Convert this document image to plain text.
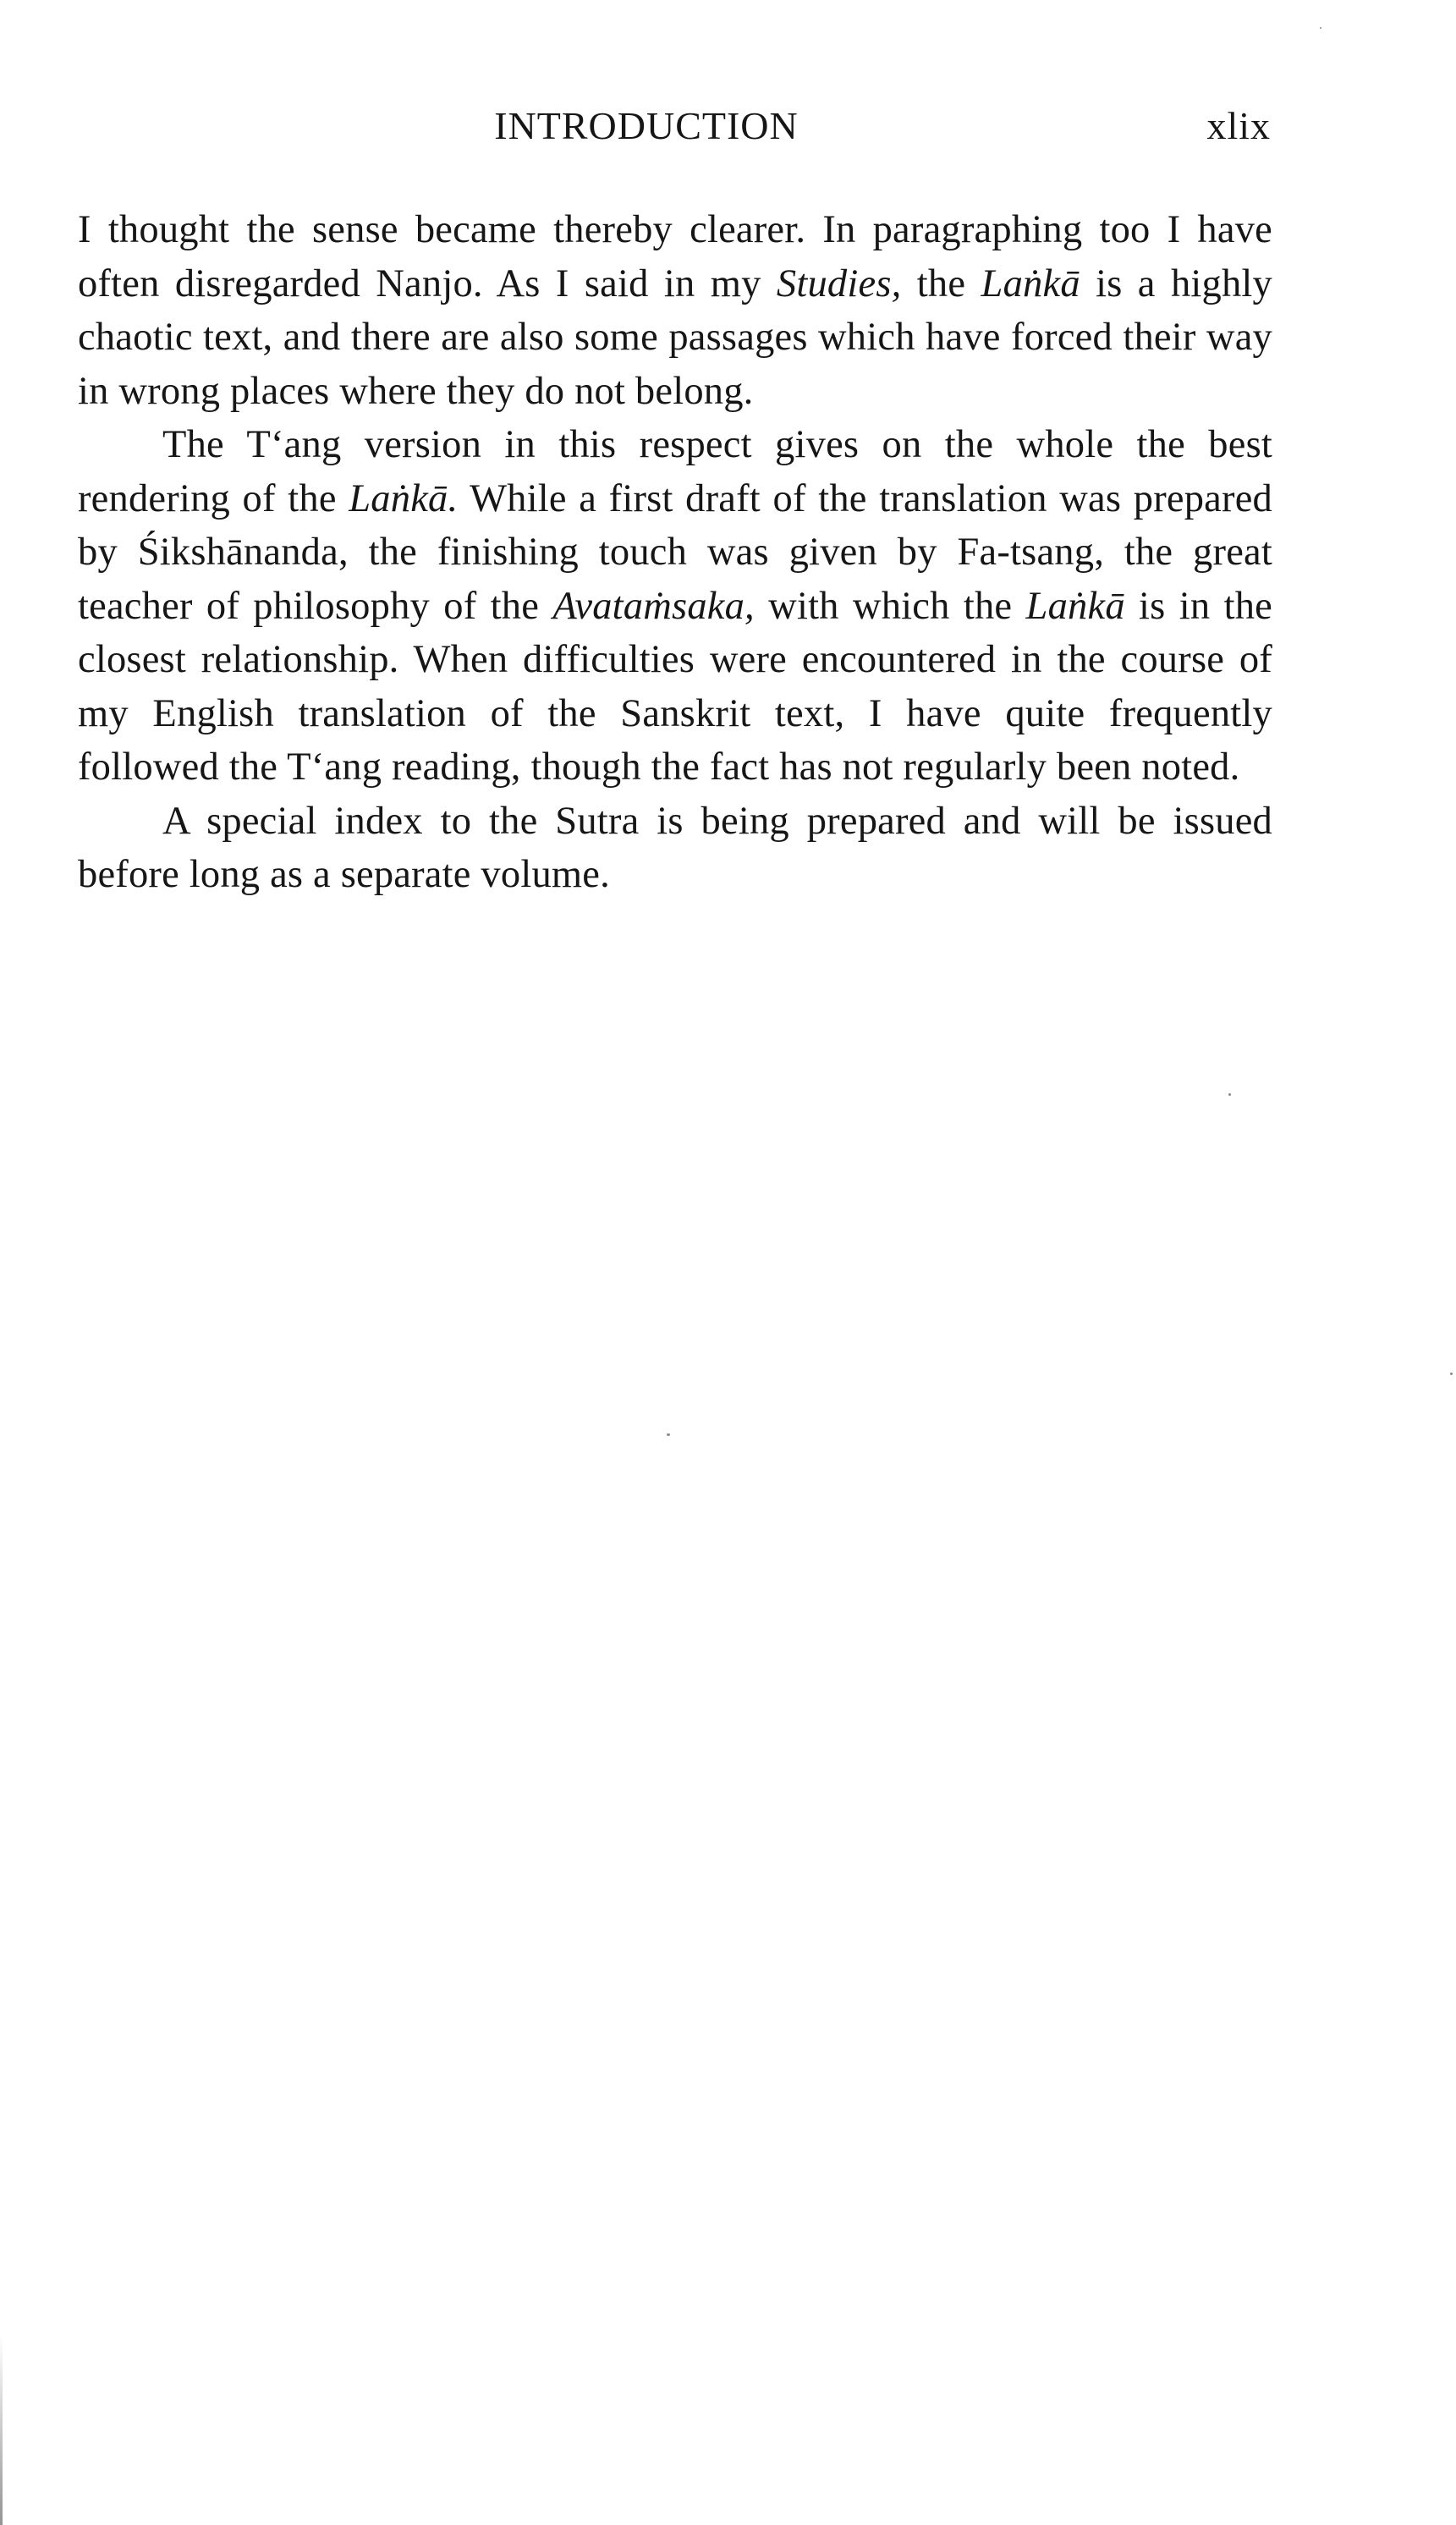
INTRODUCTION	xlix

I thought the sense became thereby clearer. In paragraphing too I have often disregarded Nanjo. As I said in my Studies, the Laṅkā is a highly chaotic text, and there are also some passages which have forced their way in wrong places where they do not belong.

The T‘ang version in this respect gives on the whole the best rendering of the Laṅkā. While a first draft of the translation was prepared by Śikshānanda, the finishing touch was given by Fa-tsang, the great teacher of philosophy of the Avataṁsaka, with which the Laṅkā is in the closest relationship. When difficulties were encountered in the course of my English translation of the Sanskrit text, I have quite frequently followed the T‘ang reading, though the fact has not regularly been noted.

A special index to the Sutra is being prepared and will be issued before long as a separate volume.
